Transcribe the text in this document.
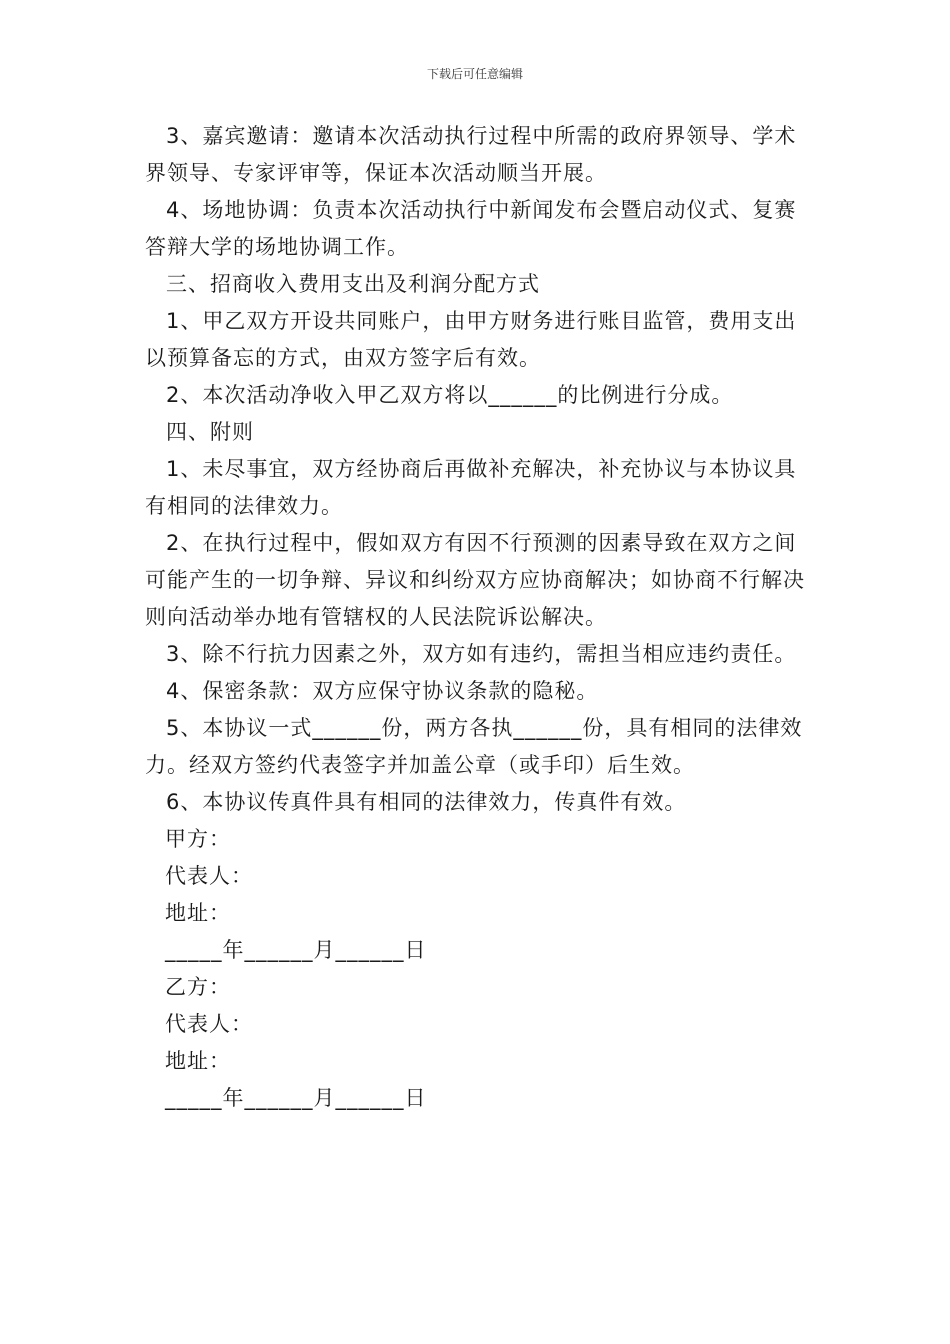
下载后可任意编辑

3、嘉宾邀请：邀请本次活动执行过程中所需的政府界领导、学术界领导、专家评审等，保证本次活动顺当开展。

4、场地协调：负责本次活动执行中新闻发布会暨启动仪式、复赛答辩大学的场地协调工作。

三、招商收入费用支出及利润分配方式

1、甲乙双方开设共同账户，由甲方财务进行账目监管，费用支出以预算备忘的方式，由双方签字后有效。

2、本次活动净收入甲乙双方将以______的比例进行分成。

四、附则

1、未尽事宜，双方经协商后再做补充解决，补充协议与本协议具有相同的法律效力。

2、在执行过程中，假如双方有因不行预测的因素导致在双方之间可能产生的一切争辩、异议和纠纷双方应协商解决；如协商不行解决则向活动举办地有管辖权的人民法院诉讼解决。

3、除不行抗力因素之外，双方如有违约，需担当相应违约责任。

4、保密条款：双方应保守协议条款的隐秘。

5、本协议一式______份，两方各执______份，具有相同的法律效力。经双方签约代表签字并加盖公章（或手印）后生效。

6、本协议传真件具有相同的法律效力，传真件有效。

甲方：

代表人：

地址：

_____年______月______日

乙方：

代表人：

地址：

_____年______月______日
